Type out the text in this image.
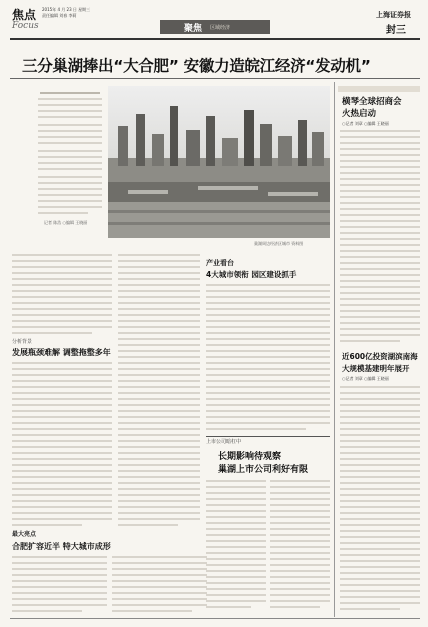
焦点
Focus
2015年 4 月 23 日 星期三
责任编辑 刘春 李莉
聚焦 区域经济
上海证券报
封三
三分巢湖捧出“大合肥” 安徽力造皖江经济“发动机”
记者 陈浩 ○编辑 王晓丽
巢湖周边经济区城市 资料图
横琴全球招商会
火热启动
○记者 刘章 ○编辑 王晓丽
近600亿投资湖滨南海
大规模基建明年展开
○记者 刘章 ○编辑 王晓丽
分析背景
发展瓶颈难解 调整拖整多年
最大亮点
合肥扩容近半 特大城市成形
产业看台
4大城市领衔 园区建设抓手
上市公司暗杠中
长期影响待观察
巢湖上市公司利好有限
